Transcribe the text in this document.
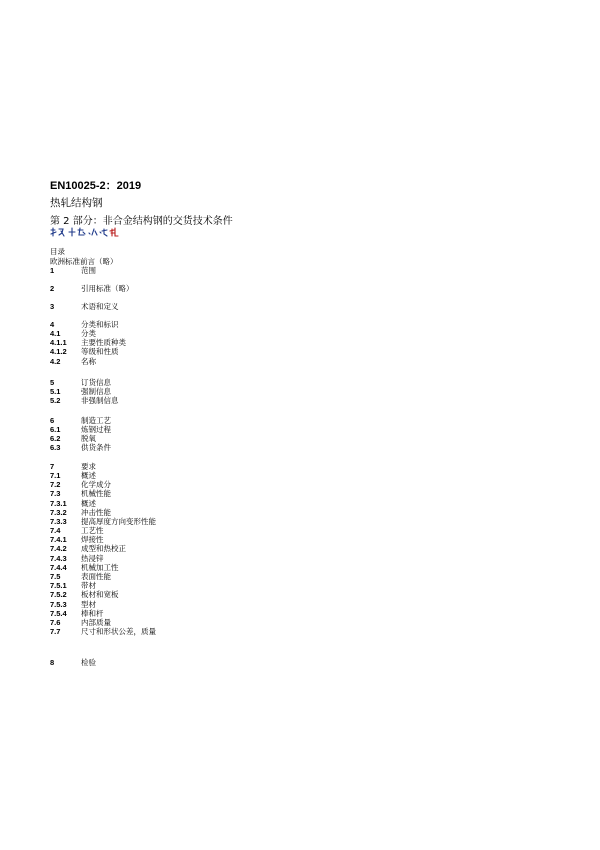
EN10025-2：2019
热轧结构钢
第 2 部分：非合金结构钢的交货技术条件
目录
欧洲标准前言（略）
1	范围
2	引用标准（略）
3	术语和定义
4	分类和标识
4.1	分类
4.1.1 主要性质种类
4.1.2 等级和性质
4.2	名称
5	订货信息
5.1	强制信息
5.2	非强制信息
6	制造工艺
6.1	炼钢过程
6.2	脱氧
6.3	供货条件
7	要求
7.1	概述
7.2	化学成分
7.3	机械性能
7.3.1 概述
7.3.2 冲击性能
7.3.3 提高厚度方向变形性能
7.4	工艺性
7.4.1 焊接性
7.4.2 成型和热校正
7.4.3 热浸锌
7.4.4 机械加工性
7.5	表面性能
7.5.1 带材
7.5.2 板材和宽板
7.5.3 型材
7.5.4 棒和杆
7.6	内部质量
7.7	尺寸和形状公差，质量
8	检验
